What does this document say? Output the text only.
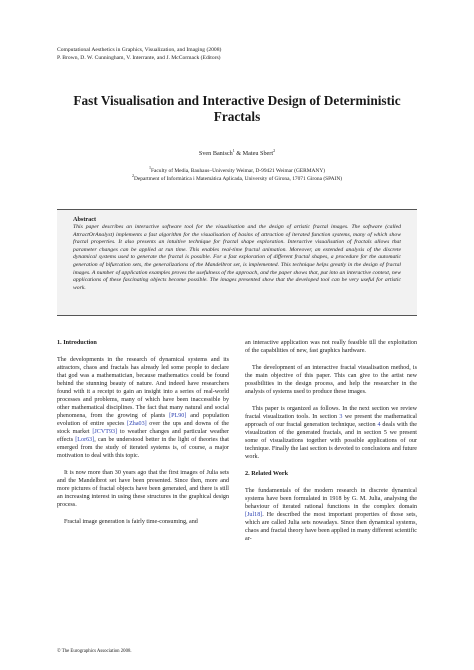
Computational Aesthetics in Graphics, Visualization, and Imaging (2008)
P. Brown, D. W. Cunningham, V. Interrante, and J. McCormack (Editors)
Fast Visualisation and Interactive Design of Deterministic
Fractals
Sven Banisch$^1$ & Mateu Sbert$^2$
$^1$Faculty of Media, Bauhaus–University Weimar, D-99421 Weimar (GERMANY)
$^2$Department of Informàtica i Matemàtica Aplicada, University of Girona, 17071 Girona (SPAIN)
Abstract
This paper describes an interactive software tool for the visualisation and the design of artistic fractal images. The software (called AttractOrAnalyst) implements a fast algorithm for the visualisation of basins of attraction of iterated function systems, many of which show fractal properties. It also presents an intuitive technique for fractal shape exploration. Interactive visualisation of fractals allows that parameter changes can be applied at run time. This enables real-time fractal animation. Moreover, an extended analysis of the discrete dynamical systems used to generate the fractal is possible. For a fast exploration of different fractal shapes, a procedure for the automatic generation of bifurcation sets, the generalizations of the Mandelbrot set, is implemented. This technique helps greatly in the design of fractal images. A number of application examples proves the usefulness of the approach, and the paper shows that, put into an interactive context, new applications of these fascinating objects become possible. The images presented show that the developed tool can be very useful for artistic work.
1. Introduction
The developments in the research of dynamical systems and its attractors, chaos and fractals has already led some people to declare that god was a mathematician, because mathematics could be found behind the stunning beauty of nature. And indeed have researchers found with it a receipt to gain an insight into a series of real-world processes and problems, many of which have been inaccessible by other mathematical disciplines. The fact that many natural and social phenomena, from the growing of plants [PL90] and population evolution of entire species [Zha03] over the ups and downs of the stock market [JCVT93] to weather changes and particular weather effects [Lor63], can be understood better in the light of theories that emerged from the study of iterated systems is, of course, a major motivation to deal with this topic.
It is now more than 30 years ago that the first images of Julia sets and the Mandelbrot set have been presented. Since then, more and more pictures of fractal objects have been generated, and there is still an increasing interest in using these structures in the graphical design process.
Fractal image generation is fairly time-consuming, and
an interactive application was not really feasible till the exploitation of the capabilities of new, fast graphics hardware.
The development of an interactive fractal visualisation method, is the main objective of this paper. This can give to the artist new possibilities in the design process, and help the researcher in the analysis of systems used to produce these images.
This paper is organized as follows. In the next section we review fractal visualization tools. In section 3 we present the mathematical approach of our fractal generation technique, section 4 deals with the visualization of the generated fractals, and in section 5 we present some of visualizations together with possible applications of our technique. Finally the last section is devoted to conclusions and future work.
2. Related Work
The fundamentals of the modern research in discrete dynamical systems have been formulated in 1918 by G. M. Julia, analysing the behaviour of iterated rational functions in the complex domain [Jul18]. He described the most important properties of those sets, which are called Julia sets nowadays. Since then dynamical systems, chaos and fractal theory have been applied in many different scientific ar-
© The Eurographics Association 2008.
